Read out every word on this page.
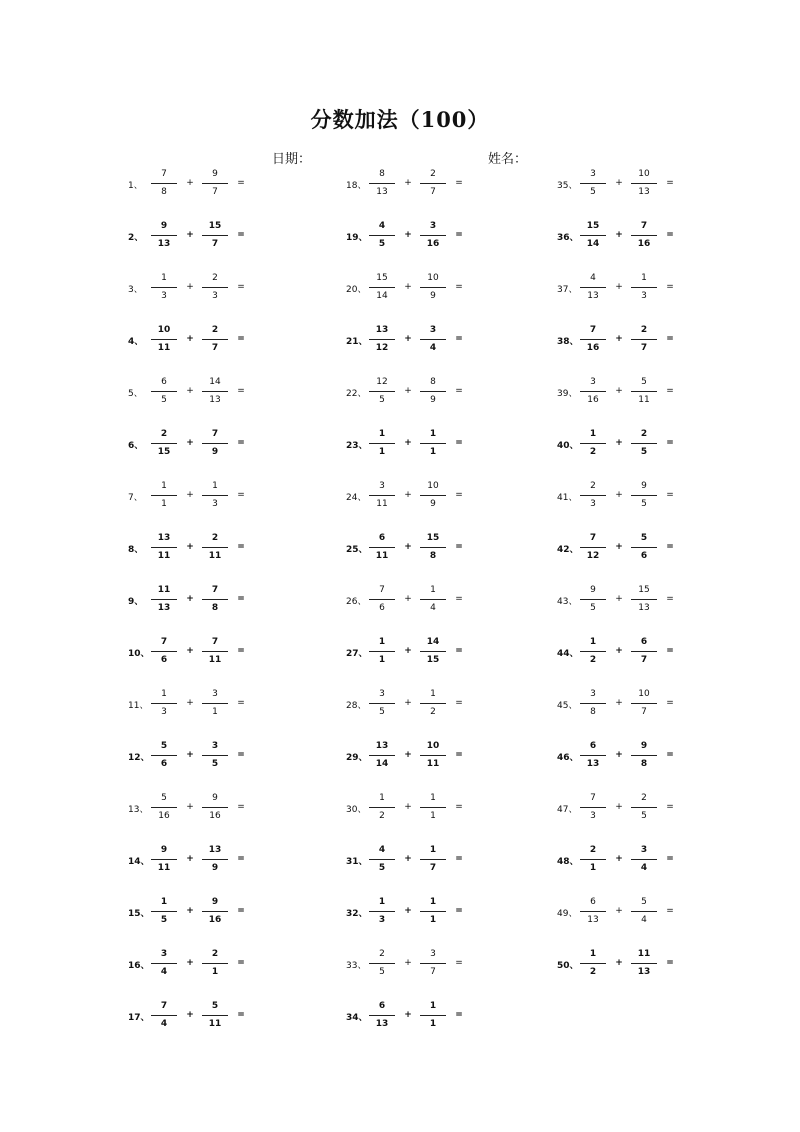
分数加法（100）
日期：	姓名：
1、
7
8
+
9
7
=
2、
9
13
+
15
7
=
3、
1
3
+
2
3
=
4、
10
11
+
2
7
=
5、
6
5
+
14
13
=
6、
2
15
+
7
9
=
7、
1
1
+
1
3
=
8、
13
11
+
2
11
=
9、
11
13
+
7
8
=
10、
7
6
+
7
11
=
11、
1
3
+
3
1
=
12、
5
6
+
3
5
=
13、
5
16
+
9
16
=
14、
9
11
+
13
9
=
15、
1
5
+
9
16
=
16、
3
4
+
2
1
=
17、
7
4
+
5
11
=
18、
8
13
+
2
7
=
19、
4
5
+
3
16
=
20、
15
14
+
10
9
=
21、
13
12
+
3
4
=
22、
12
5
+
8
9
=
23、
1
1
+
1
1
=
24、
3
11
+
10
9
=
25、
6
11
+
15
8
=
26、
7
6
+
1
4
=
27、
1
1
+
14
15
=
28、
3
5
+
1
2
=
29、
13
14
+
10
11
=
30、
1
2
+
1
1
=
31、
4
5
+
1
7
=
32、
1
3
+
1
1
=
33、
2
5
+
3
7
=
34、
6
13
+
1
1
=
35、
3
5
+
10
13
=
36、
15
14
+
7
16
=
37、
4
13
+
1
3
=
38、
7
16
+
2
7
=
39、
3
16
+
5
11
=
40、
1
2
+
2
5
=
41、
2
3
+
9
5
=
42、
7
12
+
5
6
=
43、
9
5
+
15
13
=
44、
1
2
+
6
7
=
45、
3
8
+
10
7
=
46、
6
13
+
9
8
=
47、
7
3
+
2
5
=
48、
2
1
+
3
4
=
49、
6
13
+
5
4
=
50、
1
2
+
11
13
=
